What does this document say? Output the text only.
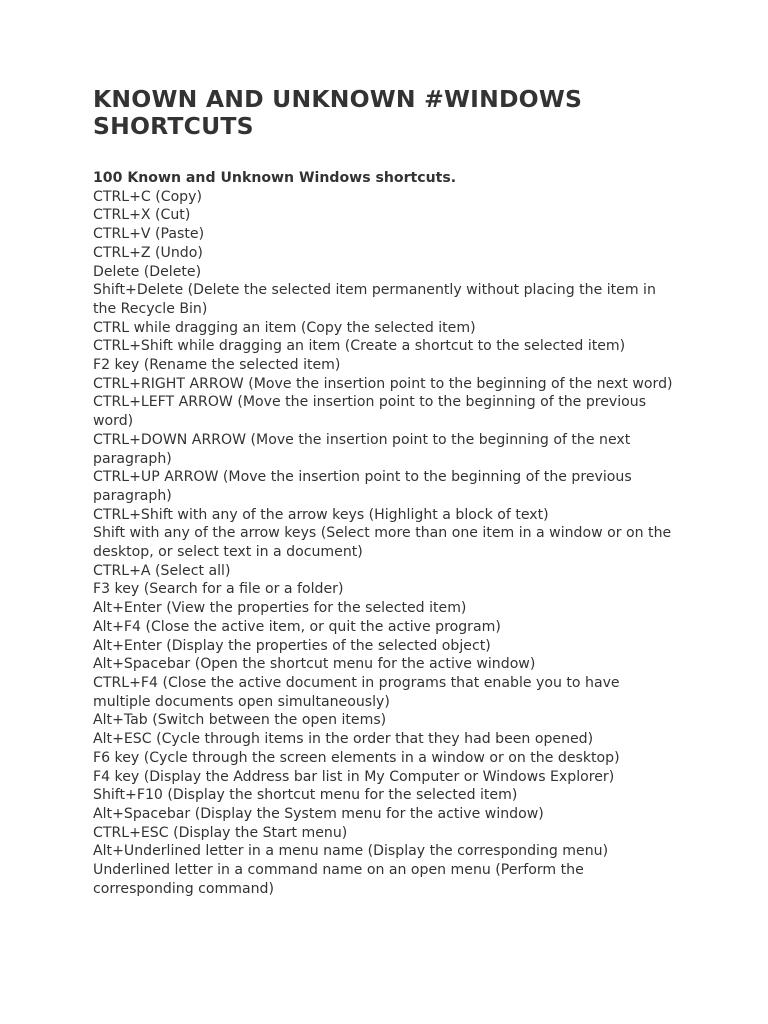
KNOWN AND UNKNOWN #WINDOWS SHORTCUTS

100 Known and Unknown Windows shortcuts.

CTRL+C (Copy)
CTRL+X (Cut)
CTRL+V (Paste)
CTRL+Z (Undo)
Delete (Delete)
Shift+Delete (Delete the selected item permanently without placing the item in the Recycle Bin)
CTRL while dragging an item (Copy the selected item)
CTRL+Shift while dragging an item (Create a shortcut to the selected item)
F2 key (Rename the selected item)
CTRL+RIGHT ARROW (Move the insertion point to the beginning of the next word)
CTRL+LEFT ARROW (Move the insertion point to the beginning of the previous word)
CTRL+DOWN ARROW (Move the insertion point to the beginning of the next paragraph)
CTRL+UP ARROW (Move the insertion point to the beginning of the previous paragraph)
CTRL+Shift with any of the arrow keys (Highlight a block of text)
Shift with any of the arrow keys (Select more than one item in a window or on the desktop, or select text in a document)
CTRL+A (Select all)
F3 key (Search for a file or a folder)
Alt+Enter (View the properties for the selected item)
Alt+F4 (Close the active item, or quit the active program)
Alt+Enter (Display the properties of the selected object)
Alt+Spacebar (Open the shortcut menu for the active window)
CTRL+F4 (Close the active document in programs that enable you to have multiple documents open simultaneously)
Alt+Tab (Switch between the open items)
Alt+ESC (Cycle through items in the order that they had been opened)
F6 key (Cycle through the screen elements in a window or on the desktop)
F4 key (Display the Address bar list in My Computer or Windows Explorer)
Shift+F10 (Display the shortcut menu for the selected item)
Alt+Spacebar (Display the System menu for the active window)
CTRL+ESC (Display the Start menu)
Alt+Underlined letter in a menu name (Display the corresponding menu)
Underlined letter in a command name on an open menu (Perform the corresponding command)
